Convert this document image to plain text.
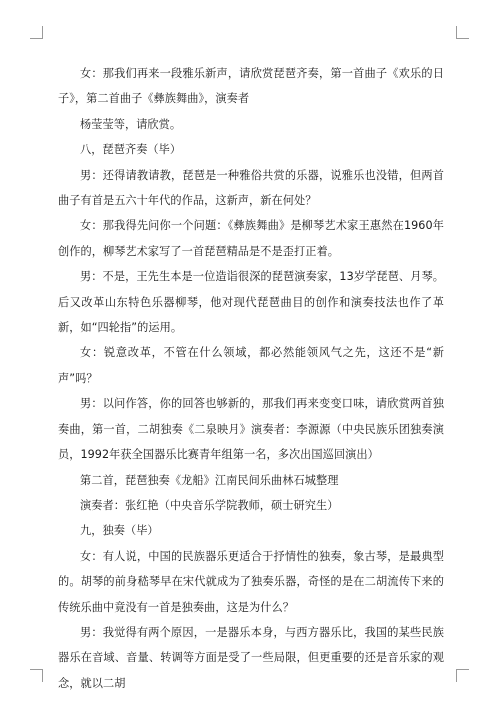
女：那我们再来一段雅乐新声，请欣赏琵琶齐奏，第一首曲子《欢乐的日子》，第二首曲子《彝族舞曲》，演奏者

杨莹莹等，请欣赏。

八，琵琶齐奏（毕）

男：还得请教请教，琵琶是一种雅俗共赏的乐器，说雅乐也没错，但两首曲子有首是五六十年代的作品，这新声，新在何处？

女：那我得先问你一个问题：《彝族舞曲》是柳琴艺术家王惠然在1960年创作的，柳琴艺术家写了一首琵琶精品是不是歪打正着。

男：不是，王先生本是一位造诣很深的琵琶演奏家，13岁学琵琶、月琴。后又改革山东特色乐器柳琴，他对现代琵琶曲目的创作和演奏技法也作了革新，如“四轮指”的运用。

女：锐意改革，不管在什么领域，都必然能领风气之先，这还不是“新声”吗？

男：以问作答，你的回答也够新的，那我们再来变变口味，请欣赏两首独奏曲，第一首，二胡独奏《二泉映月》演奏者：李源源（中央民族乐团独奏演员，1992年获全国器乐比赛青年组第一名，多次出国巡回演出）

第二首，琵琶独奏《龙船》江南民间乐曲林石城整理

演奏者：张红艳（中央音乐学院教师，硕士研究生）

九，独奏（毕）

女：有人说，中国的民族器乐更适合于抒情性的独奏，象古琴，是最典型的。胡琴的前身嵇琴早在宋代就成为了独奏乐器，奇怪的是在二胡流传下来的传统乐曲中竟没有一首是独奏曲，这是为什么？

男：我觉得有两个原因，一是器乐本身，与西方器乐比，我国的某些民族器乐在音域、音量、转调等方面是受了一些局限，但更重要的还是音乐家的观念，就以二胡
